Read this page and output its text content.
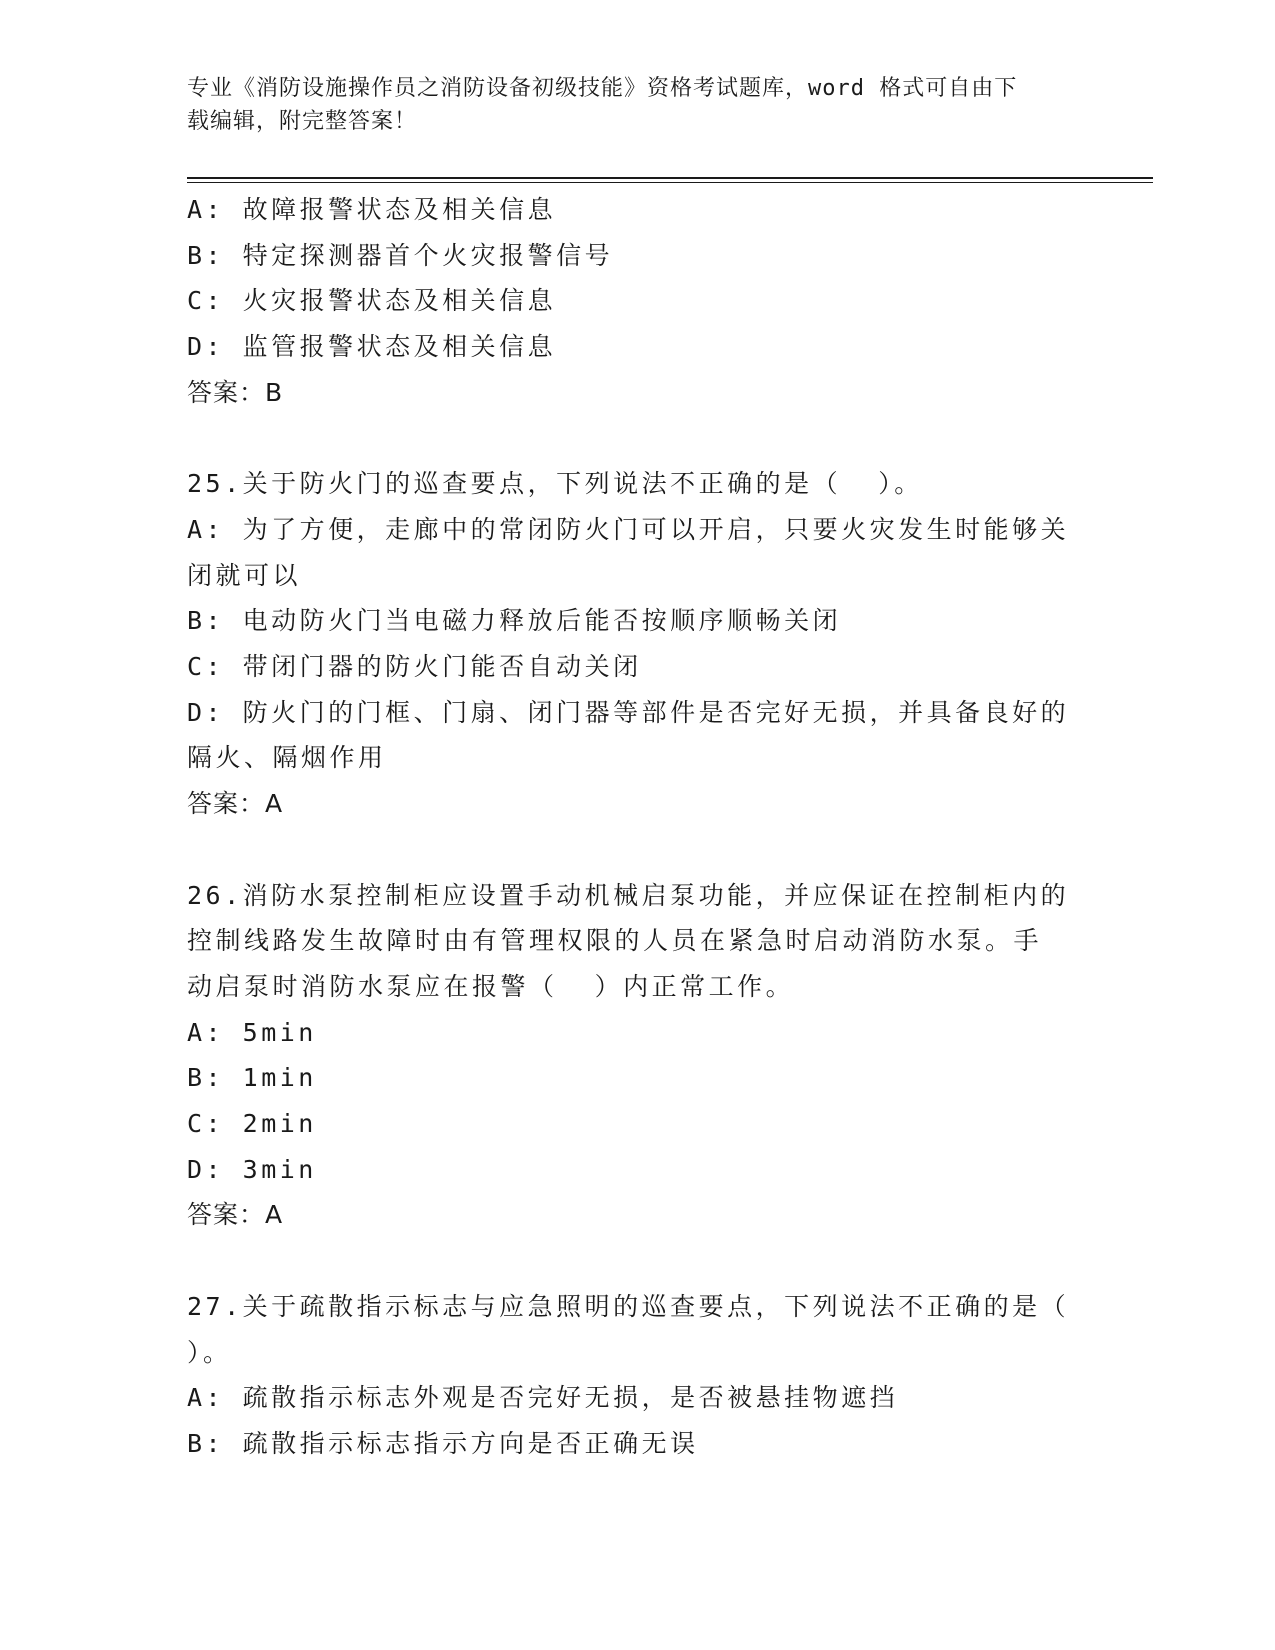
专业《消防设施操作员之消防设备初级技能》资格考试题库，word 格式可自由下
载编辑，附完整答案！
A: 故障报警状态及相关信息
B: 特定探测器首个火灾报警信号
C: 火灾报警状态及相关信息
D: 监管报警状态及相关信息
答案：B
25.关于防火门的巡查要点，下列说法不正确的是（  ）。
A: 为了方便，走廊中的常闭防火门可以开启，只要火灾发生时能够关
闭就可以
B: 电动防火门当电磁力释放后能否按顺序顺畅关闭
C: 带闭门器的防火门能否自动关闭
D: 防火门的门框、门扇、闭门器等部件是否完好无损，并具备良好的
隔火、隔烟作用
答案：A
26.消防水泵控制柜应设置手动机械启泵功能，并应保证在控制柜内的
控制线路发生故障时由有管理权限的人员在紧急时启动消防水泵。手
动启泵时消防水泵应在报警（  ）内正常工作。
A: 5min
B: 1min
C: 2min
D: 3min
答案：A
27.关于疏散指示标志与应急照明的巡查要点，下列说法不正确的是（
）。
A: 疏散指示标志外观是否完好无损，是否被悬挂物遮挡
B: 疏散指示标志指示方向是否正确无误
